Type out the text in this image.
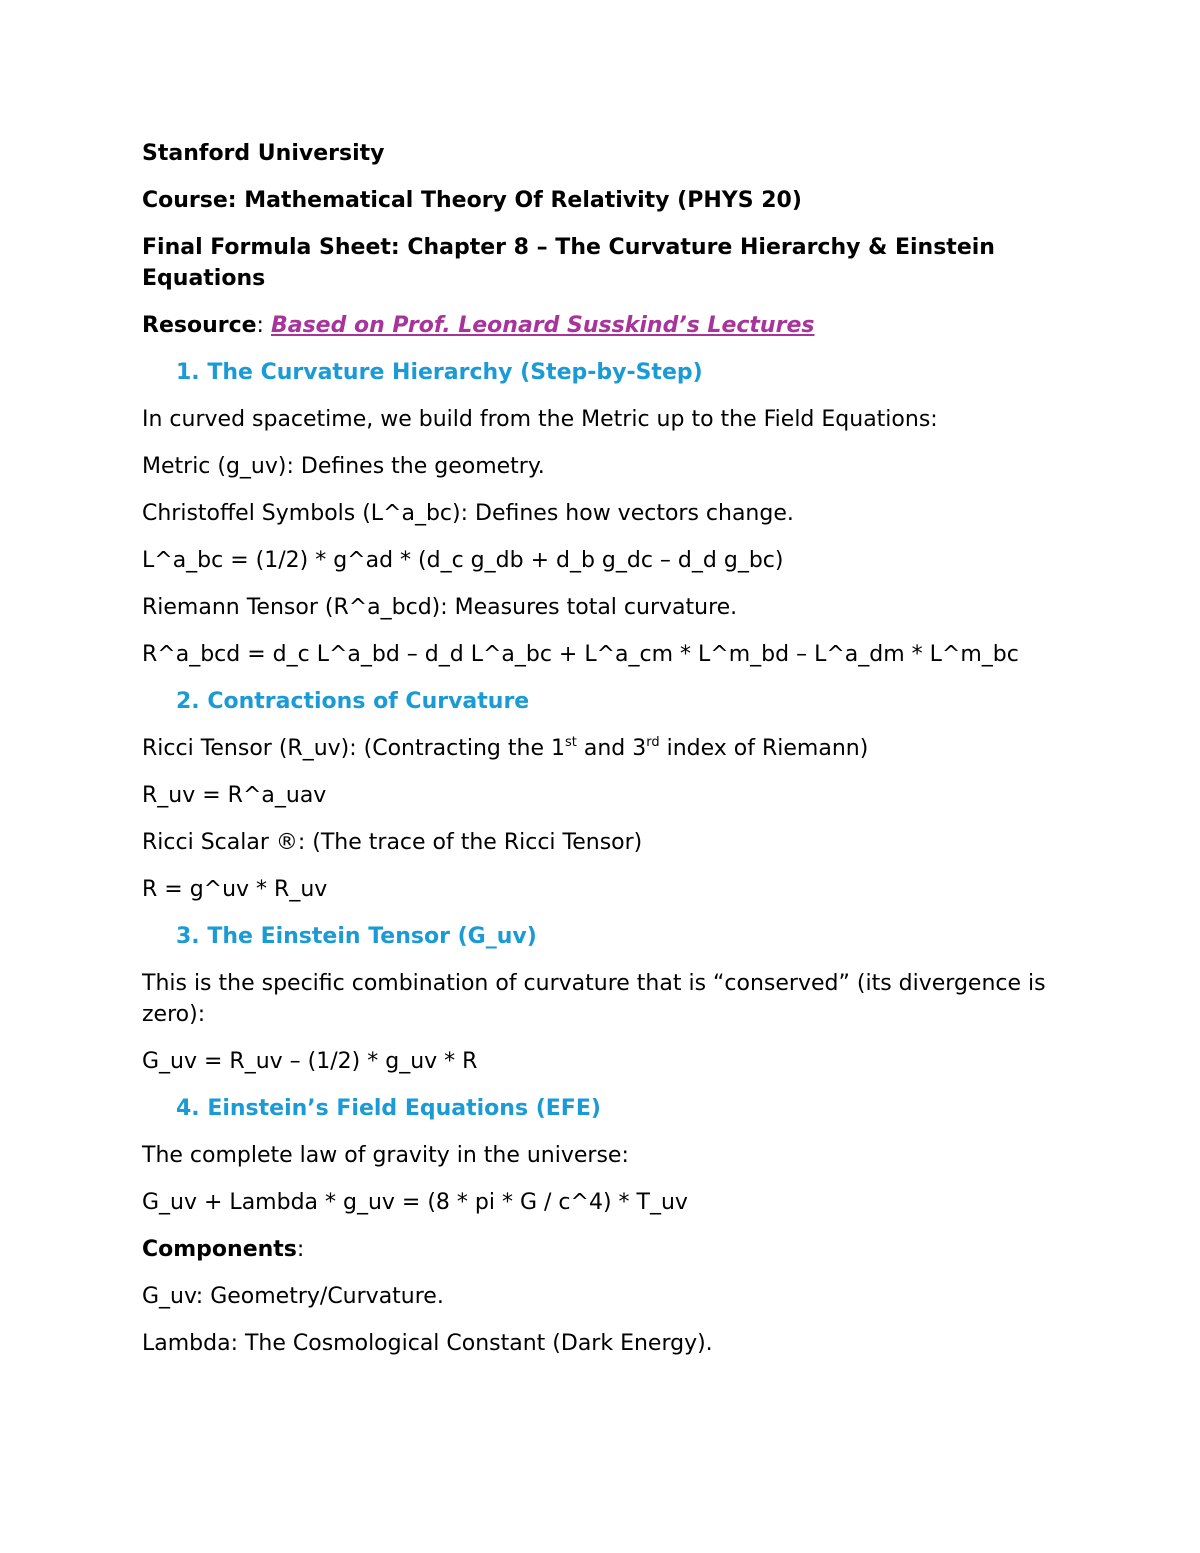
Stanford University

Course: Mathematical Theory Of Relativity (PHYS 20)

Final Formula Sheet: Chapter 8 – The Curvature Hierarchy & Einstein Equations

Resource: Based on Prof. Leonard Susskind’s Lectures

1. The Curvature Hierarchy (Step-by-Step)

In curved spacetime, we build from the Metric up to the Field Equations:

Metric (g_uv): Defines the geometry.

Christoffel Symbols (L^a_bc): Defines how vectors change.

L^a_bc = (1/2) * g^ad * (d_c g_db + d_b g_dc – d_d g_bc)

Riemann Tensor (R^a_bcd): Measures total curvature.

R^a_bcd = d_c L^a_bd – d_d L^a_bc + L^a_cm * L^m_bd – L^a_dm * L^m_bc

2. Contractions of Curvature

Ricci Tensor (R_uv): (Contracting the 1st and 3rd index of Riemann)

R_uv = R^a_uav

Ricci Scalar ®: (The trace of the Ricci Tensor)

R = g^uv * R_uv

3. The Einstein Tensor (G_uv)

This is the specific combination of curvature that is “conserved” (its divergence is zero):

G_uv = R_uv – (1/2) * g_uv * R

4. Einstein’s Field Equations (EFE)

The complete law of gravity in the universe:

G_uv + Lambda * g_uv = (8 * pi * G / c^4) * T_uv

Components:

G_uv: Geometry/Curvature.

Lambda: The Cosmological Constant (Dark Energy).
